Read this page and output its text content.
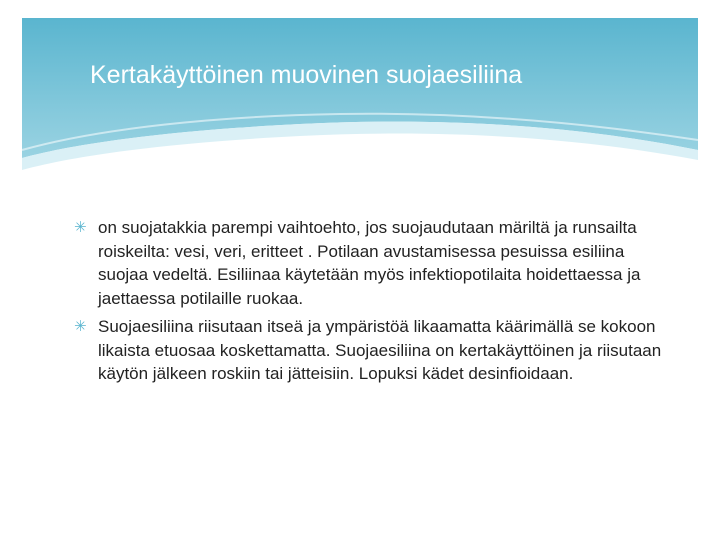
Kertakäyttöinen muovinen suojaesiliina
✳ on suojatakkia parempi vaihtoehto, jos suojaudutaan märiltä ja runsailta roiskeilta: vesi, veri, eritteet . Potilaan avustamisessa pesuissa esiliina suojaa vedeltä. Esiliinaa käytetään myös infektiopotilaita hoidettaessa ja jaettaessa potilaille ruokaa.
✳ Suojaesiliina riisutaan itseä ja ympäristöä likaamatta käärimällä se kokoon likaista etuosaa koskettamatta. Suojaesiliina on kertakäyttöinen ja riisutaan käytön jälkeen roskiin tai jätteisiin. Lopuksi kädet desinfioidaan.
